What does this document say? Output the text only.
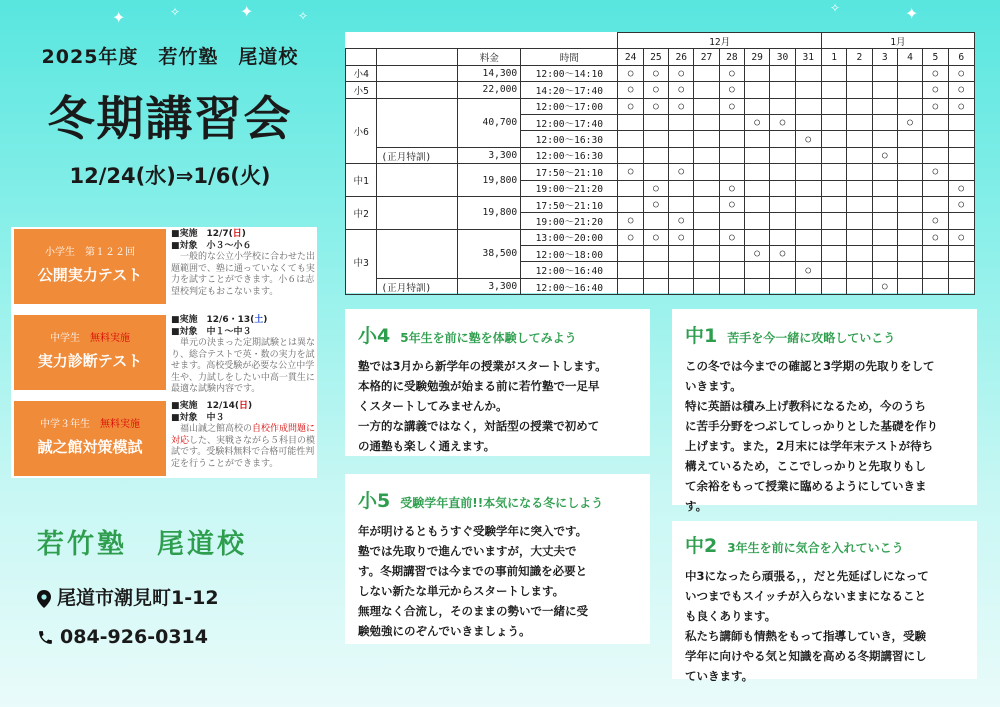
✦	✧	✦	✧
✧	✦
2025年度　若竹塾　尾道校
冬期講習会
12/24(水)⇒1/6(火)
小学生　第１２２回
公開実力テスト
■実施　12/7(日)
■対象　小３～小６
　一般的な公立小学校に合わせた出題範囲で、塾に通っていなくても実力を試すことができます。小６は志望校判定もおこないます。
中学生　無料実施
実力診断テスト
■実施　12/6・13(土)
■対象　中１～中３
　単元の決まった定期試験とは異なり、総合テストで英・数の実力を試せます。高校受験が必要な公立中学生や、力試しをしたい中高一貫生に最適な試験内容です。
中学３年生　無料実施
誠之館対策模試
■実施　12/14(日)
■対象　中３
　福山誠之館高校の自校作成問題に対応した、実戦さながら５科目の模試です。受験料無料で合格可能性判定を行うことができます。
若竹塾　尾道校
尾道市潮見町1-12
084-926-0314
				12月								1月					
		料金	時間	24	25	26	27	28	29	30	31	1	2	3	4	5	6
小4		14,300	12:00～14:10	○	○	○		○								○	○
小5		22,000	14:20～17:40	○	○	○		○								○	○
小6		40,700	12:00～17:00	○	○	○		○								○	○
			12:00～17:40						○	○					○		
			12:00～16:30								○						
	(正月特訓)	3,300	12:00～16:30											○			
中1		19,800	17:50～21:10	○		○										○	
			19:00～21:20		○			○									○
中2		19,800	17:50～21:10		○			○									○
			19:00～21:20	○		○										○	
中3		38,500	13:00～20:00	○	○	○		○								○	○
			12:00～18:00						○	○							
			12:00～16:40								○						
	(正月特訓)	3,300	12:00～16:40											○			
小4 5年生を前に塾を体験してみよう
塾では3月から新学年の授業がスタートします。
本格的に受験勉強が始まる前に若竹塾で一足早
くスタートしてみませんか。
一方的な講義ではなく，対話型の授業で初めて
の通塾も楽しく通えます。
小5 受験学年直前!!本気になる冬にしよう
年が明けるともうすぐ受験学年に突入です。
塾では先取りで進んでいますが，大丈夫で
す。冬期講習では今までの事前知識を必要と
しない新たな単元からスタートします。
無理なく合流し，そのままの勢いで一緒に受
験勉強にのぞんでいきましょう。
中1 苦手を今一緒に攻略していこう
この冬では今までの確認と3学期の先取りをして
いきます。
特に英語は積み上げ教科になるため，今のうち
に苦手分野をつぶしてしっかりとした基礎を作り
上げます。また，2月末には学年末テストが待ち
構えているため，ここでしっかりと先取りもし
て余裕をもって授業に臨めるようにしていきま
す。
中2 3年生を前に気合を入れていこう
中3になったら頑張る，，だと先延ばしになって
いつまでもスイッチが入らないままになること
も良くあります。
私たち講師も情熱をもって指導していき，受験
学年に向けやる気と知識を高める冬期講習にし
ていきます。
